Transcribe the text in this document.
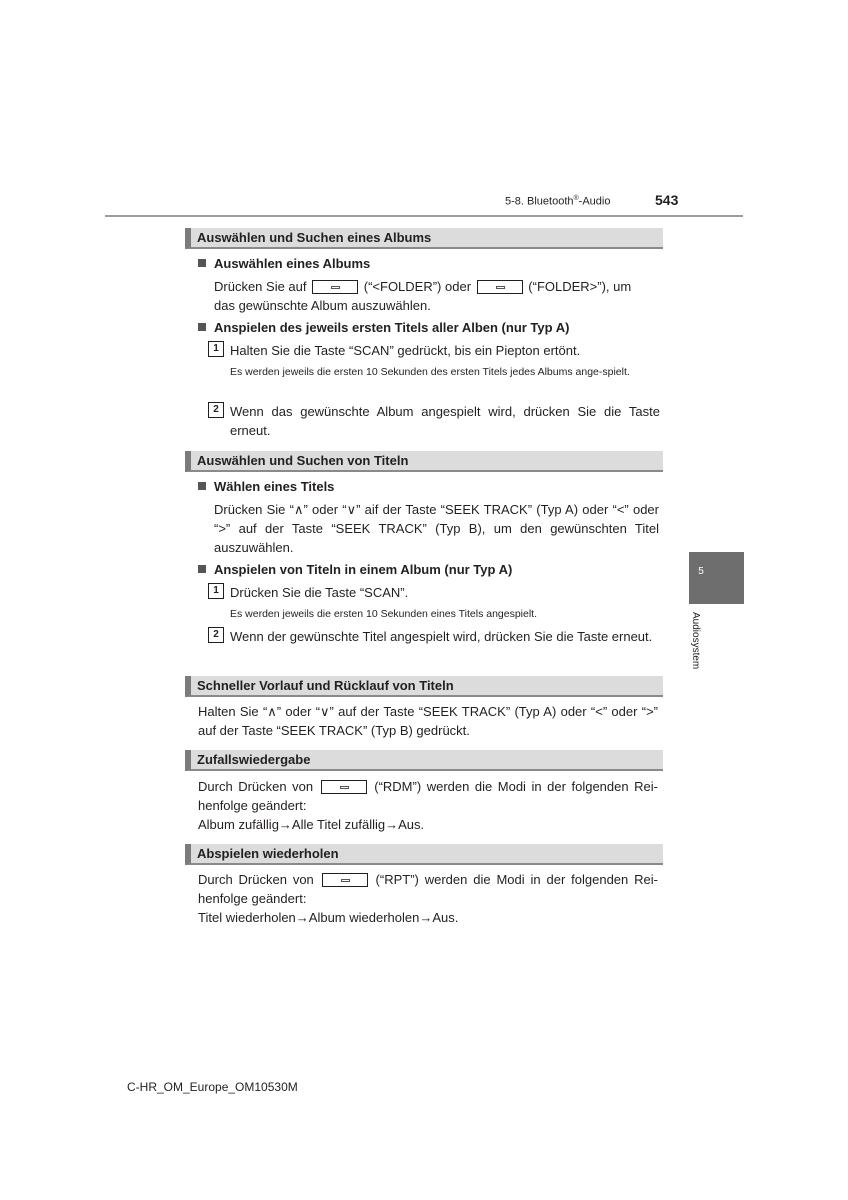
5-8. Bluetooth®-Audio	543
5
Audiosystem
Auswählen und Suchen eines Albums
Auswählen eines Albums
Drücken Sie auf	(“<FOLDER”) oder	(“FOLDER>”), um
das gewünschte Album auszuwählen.
Anspielen des jeweils ersten Titels aller Alben (nur Typ A)
1 Halten Sie die Taste “SCAN” gedrückt, bis ein Piepton ertönt.
Es werden jeweils die ersten 10 Sekunden des ersten Titels jedes Albums ange-spielt.
2 Wenn das gewünschte Album angespielt wird, drücken Sie die Taste erneut.
Auswählen und Suchen von Titeln
Wählen eines Titels
Drücken Sie “∧” oder “∨” aif der Taste “SEEK TRACK” (Typ A) oder “<” oder “>” auf der Taste “SEEK TRACK” (Typ B), um den gewünschten Titel auszuwählen.
Anspielen von Titeln in einem Album (nur Typ A)
1 Drücken Sie die Taste “SCAN”.
Es werden jeweils die ersten 10 Sekunden eines Titels angespielt.
2 Wenn der gewünschte Titel angespielt wird, drücken Sie die Taste erneut.
Schneller Vorlauf und Rücklauf von Titeln
Halten Sie “∧” oder “∨” auf der Taste “SEEK TRACK” (Typ A) oder “<” oder “>” auf der Taste “SEEK TRACK” (Typ B) gedrückt.
Zufallswiedergabe
Durch Drücken von	(“RDM”) werden die Modi in der folgenden Rei-henfolge geändert:
Album zufällig→Alle Titel zufällig→Aus.
Abspielen wiederholen
Durch Drücken von	(“RPT”) werden die Modi in der folgenden Rei-henfolge geändert:
Titel wiederholen→Album wiederholen→Aus.
C-HR_OM_Europe_OM10530M
